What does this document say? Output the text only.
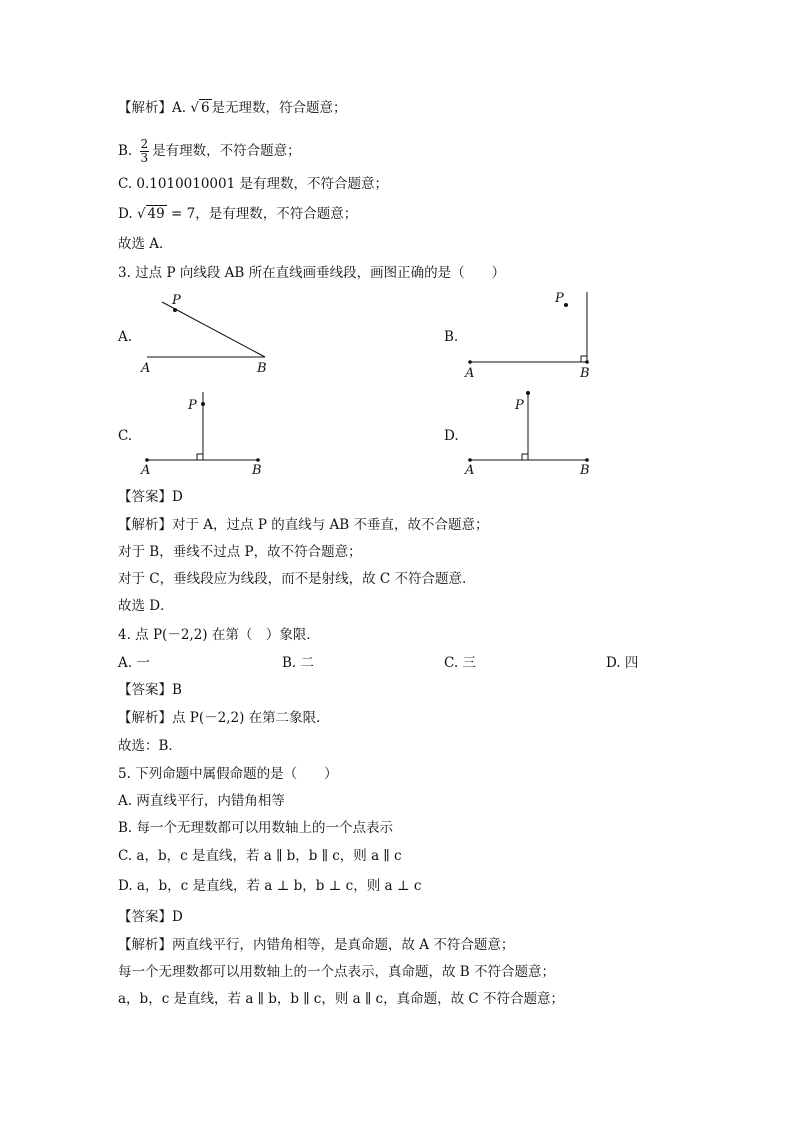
【解析】A. √ 6 是无理数，符合题意；
B. $\frac{2}{3}$ 是有理数，不符合题意；
C. 0.1010010001 是有理数，不符合题意；
D. √ 49 = 7，是有理数，不符合题意；
故选 A．
3. 过点 P 向线段 AB 所在直线画垂线段，画图正确的是（　　）
A.	B.
C.	D.
P
A	B
P
A	B
P
A	B
P
A	B
【答案】D
【解析】对于 A，过点 P 的直线与 AB 不垂直，故不合题意；
对于 B，垂线不过点 P，故不符合题意；
对于 C，垂线段应为线段，而不是射线，故 C 不符合题意.
故选 D．
4. 点 P(－2,2) 在第（　）象限．
A. 一	B. 二	C. 三	D. 四
【答案】B
【解析】点 P(－2,2) 在第二象限．
故选：B．
5. 下列命题中属假命题的是（　　）
A. 两直线平行，内错角相等
B. 每一个无理数都可以用数轴上的一个点表示
C. a，b，c 是直线，若 a ∥ b，b ∥ c，则 a ∥ c
D. a，b，c 是直线，若 a ⊥ b，b ⊥ c，则 a ⊥ c
【答案】D
【解析】两直线平行，内错角相等，是真命题，故 A 不符合题意；
每一个无理数都可以用数轴上的一个点表示，真命题，故 B 不符合题意；
a，b，c 是直线，若 a ∥ b，b ∥ c，则 a ∥ c，真命题，故 C 不符合题意；
